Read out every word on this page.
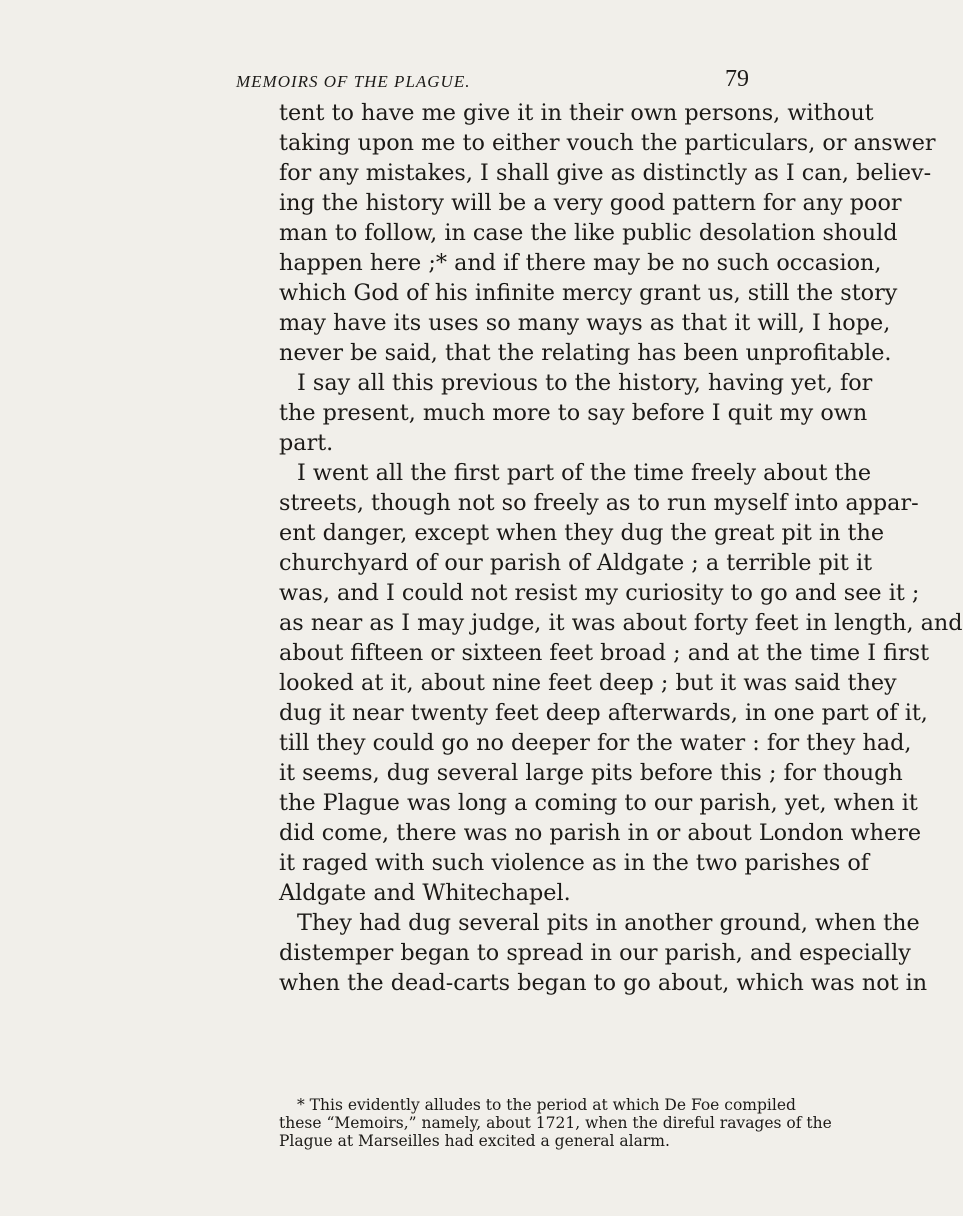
MEMOIRS OF THE PLAGUE.	79
tent to have me give it in their own persons, without
taking upon me to either vouch the particulars, or answer
for any mistakes, I shall give as distinctly as I can, believ-
ing the history will be a very good pattern for any poor
man to follow, in case the like public desolation should
happen here ;* and if there may be no such occasion,
which God of his infinite mercy grant us, still the story
may have its uses so many ways as that it will, I hope,
never be said, that the relating has been unprofitable.
I say all this previous to the history, having yet, for
the present, much more to say before I quit my own
part.
I went all the first part of the time freely about the
streets, though not so freely as to run myself into appar-
ent danger, except when they dug the great pit in the
churchyard of our parish of Aldgate ; a terrible pit it
was, and I could not resist my curiosity to go and see it ;
as near as I may judge, it was about forty feet in length, and
about fifteen or sixteen feet broad ; and at the time I first
looked at it, about nine feet deep ; but it was said they
dug it near twenty feet deep afterwards, in one part of it,
till they could go no deeper for the water : for they had,
it seems, dug several large pits before this ; for though
the Plague was long a coming to our parish, yet, when it
did come, there was no parish in or about London where
it raged with such violence as in the two parishes of
Aldgate and Whitechapel.
They had dug several pits in another ground, when the
distemper began to spread in our parish, and especially
when the dead-carts began to go about, which was not in
* This evidently alludes to the period at which De Foe compiled
these “Memoirs,” namely, about 1721, when the direful ravages of the
Plague at Marseilles had excited a general alarm.
